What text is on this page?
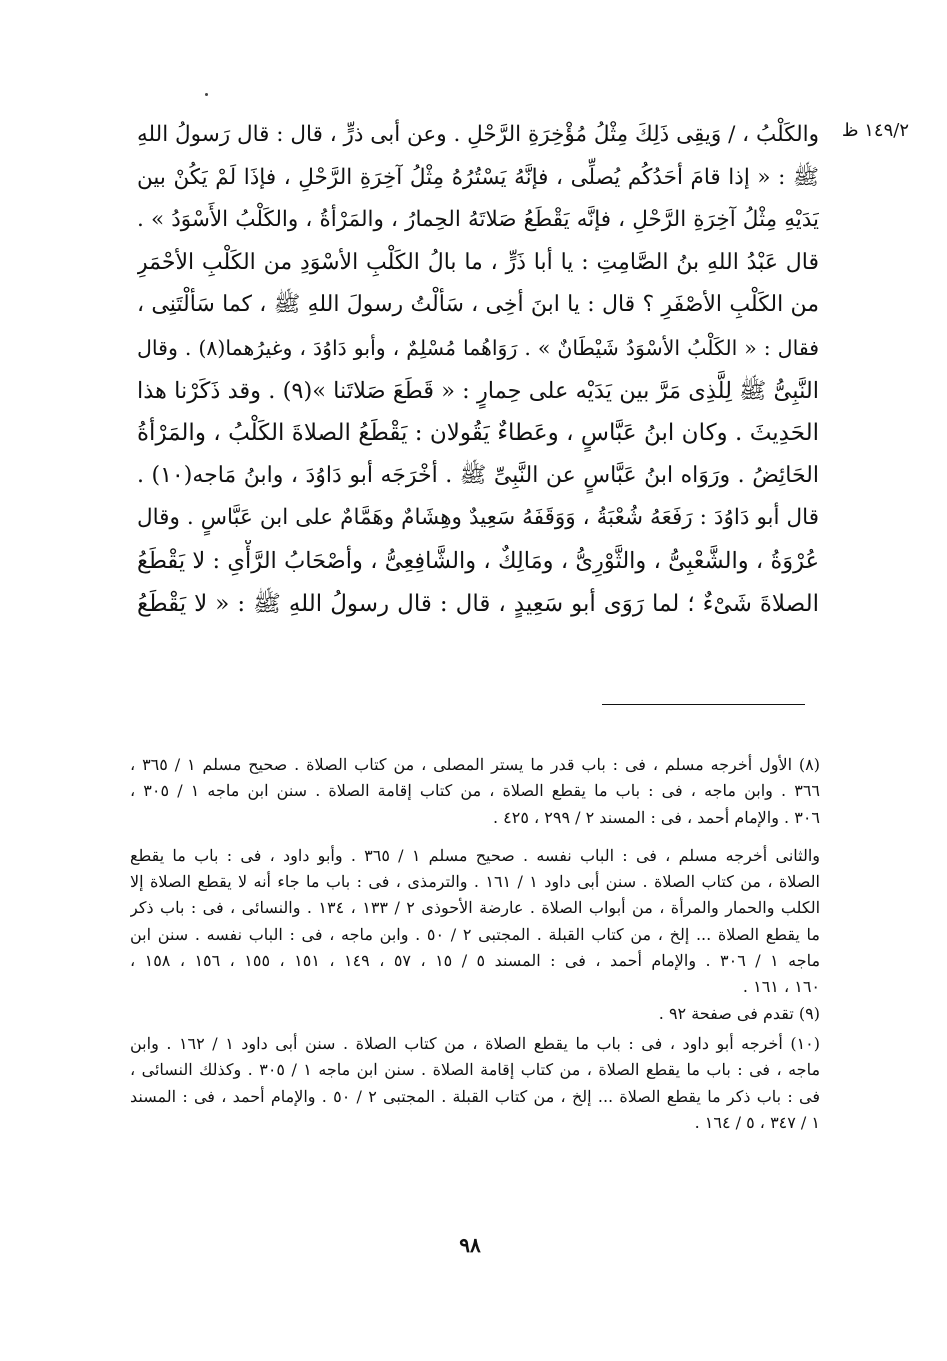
١٤٩/٢ ظ
والكَلْبُ ، / وَيقِى ذَلِكَ مِثْلُ مُؤْخِرَةِ الرَّحْلِ . وعن أبى ذرٍّ ، قال : قال رَسولُ اللهِ
ﷺ : « إذا قامَ أحَدُكُم يُصلِّى ، فإنَّهُ يَسْتُرُهُ مِثْلُ آخِرَةِ الرَّحْلِ ، فإذَا لَمْ يَكُنْ بين
يَدَيْهِ مِثْلُ آخِرَةِ الرَّحْلِ ، فإنَّه يَقْطَعُ صَلاتَهُ الحِمارُ ، والمَرْأةُ ، والكَلْبُ الأَسْوَدُ » .
قال عَبْدُ اللهِ بنُ الصَّامِتِ : يا أبا ذَرٍّ ، ما بالُ الكَلْبِ الأسْوَدِ من الكَلْبِ الأحْمَرِ
من الكَلْبِ الأصْفَرِ ؟ قال : يا ابنَ أخِى ، سَألْتُ رسولَ اللهِ ﷺ ، كما سَألْتَنِى ،
فقال : « الكَلْبُ الأسْوَدُ شَيْطَانٌ » . رَوَاهُما مُسْلِمٌ ، وأبو دَاوُدَ ، وغيرُهما(٨) . وقال
النَّبِىُّ ﷺ لِلَّذِى مَرَّ بين يَدَيْه على حِمارٍ : « قَطَعَ صَلاتَنا »(٩) . وقد ذَكَرْنا هذا
الحَدِيثَ . وكان ابنُ عَبَّاسٍ ، وعَطاءٌ يَقُولان : يَقْطَعُ الصلاةَ الكَلْبُ ، والمَرْأةُ
الحَائِضُ . ورَوَاه ابنُ عَبَّاسٍ عن النَّبِىِّ ﷺ . أخْرَجَه أبو دَاوُدَ ، وابنُ مَاجه(١٠) .
قال أبو دَاوُدَ : رَفَعَهُ شُعْبَةُ ، وَوَقَفَهُ سَعِيدٌ وهِشَامٌ وهَمَّامٌ على ابن عَبَّاسٍ . وقال
عُرْوَةُ ، والشَّعْبِىُّ ، والثَّوْرِىُّ ، ومَالِكٌ ، والشَّافِعِىُّ ، وأصْحَابُ الرَّأْىِ : لا يَقْطَعُ
الصلاةَ شَىْءٌ ؛ لما رَوَى أبو سَعِيدٍ ، قال : قال رسولُ اللهِ ﷺ : « لا يَقْطَعُ
(٨) الأول أخرجه مسلم ، فى : باب قدر ما يستر المصلى ، من كتاب الصلاة . صحيح مسلم ١ / ٣٦٥ ،
٣٦٦ . وابن ماجه ، فى : باب ما يقطع الصلاة ، من كتاب إقامة الصلاة . سنن ابن ماجه ١ / ٣٠٥ ،
٣٠٦ . والإمام أحمد ، فى : المسند ٢ / ٢٩٩ ، ٤٢٥ .
والثانى أخرجه مسلم ، فى : الباب نفسه . صحيح مسلم ١ / ٣٦٥ . وأبو داود ، فى : باب ما يقطع
الصلاة ، من كتاب الصلاة . سنن أبى داود ١ / ١٦١ . والترمذى ، فى : باب ما جاء أنه لا يقطع الصلاة إلا
الكلب والحمار والمرأة ، من أبواب الصلاة . عارضة الأحوذى ٢ / ١٣٣ ، ١٣٤ . والنسائى ، فى : باب ذكر
ما يقطع الصلاة ... إلخ ، من كتاب القبلة . المجتبى ٢ / ٥٠ . وابن ماجه ، فى : الباب نفسه . سنن ابن
ماجه ١ / ٣٠٦ . والإمام أحمد ، فى : المسند ٥ / ١٥ ، ٥٧ ، ١٤٩ ، ١٥١ ، ١٥٥ ، ١٥٦ ، ١٥٨ ،
١٦٠ ، ١٦١ .
(٩) تقدم فى صفحة ٩٢ .
(١٠) أخرجه أبو داود ، فى : باب ما يقطع الصلاة ، من كتاب الصلاة . سنن أبى داود ١ / ١٦٢ . وابن
ماجه ، فى : باب ما يقطع الصلاة ، من كتاب إقامة الصلاة . سنن ابن ماجه ١ / ٣٠٥ . وكذلك النسائى ،
فى : باب ذكر ما يقطع الصلاة ... إلخ ، من كتاب القبلة . المجتبى ٢ / ٥٠ . والإمام أحمد ، فى : المسند
١ / ٣٤٧ ، ٥ / ١٦٤ .
٩٨
